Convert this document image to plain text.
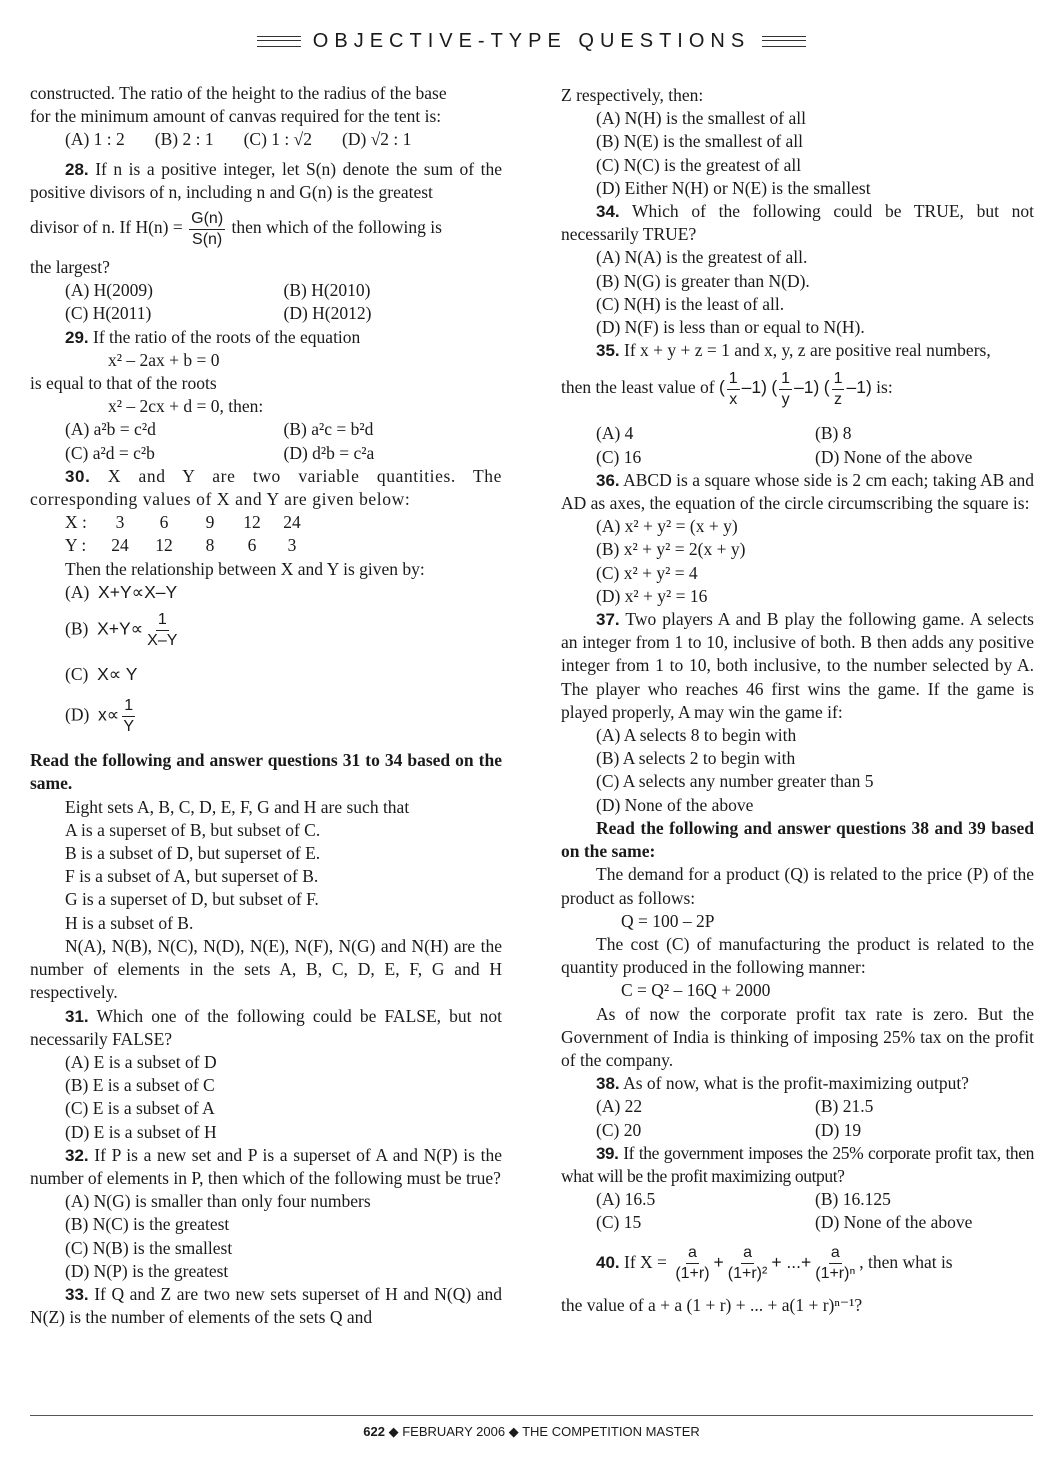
OBJECTIVE-TYPE QUESTIONS

constructed. The ratio of the height to the radius of the base
for the minimum amount of canvas required for the tent is:

(A) 1 : 2 (B) 2 : 1 (C) 1 : √2 (D) √2 : 1

28. If n is a positive integer, let S(n) denote the sum of the positive divisors of n, including n and G(n) is the greatest

divisor of n. If $H(n) = \frac{G(n)}{S(n)}$ then which of the following is

the largest?

(A) H(2009)	(B) H(2010)
(C) H(2011)	(D) H(2012)

29. If the ratio of the roots of the equation

x² – 2ax + b = 0

is equal to that of the roots

x² – 2cx + d = 0, then:

(A) a²b = c²d	(B) a²c = b²d
(C) a²d = c²b	(D) d²b = c²a

30. X and Y are two variable quantities. The corresponding values of X and Y are given below:

X :	3	6	9	12	24
Y :	24	12	8	6	3

Then the relationship between X and Y is given by:

(A) X+Y∝X–Y

(B) $X+Y\propto \frac{1}{X-Y}$

(C) X∝ Y

(D) $x\propto \frac{1}{Y}$

Read the following and answer questions 31 to 34 based on the same.

Eight sets A, B, C, D, E, F, G and H are such that

A is a superset of B, but subset of C.

B is a subset of D, but superset of E.

F is a subset of A, but superset of B.

G is a superset of D, but subset of F.

H is a subset of B.

N(A), N(B), N(C), N(D), N(E), N(F), N(G) and N(H) are the number of elements in the sets A, B, C, D, E, F, G and H respectively.

31. Which one of the following could be FALSE, but not necessarily FALSE?

(A) E is a subset of D

(B) E is a subset of C

(C) E is a subset of A

(D) E is a subset of H

32. If P is a new set and P is a superset of A and N(P) is the number of elements in P, then which of the following must be true?

(A) N(G) is smaller than only four numbers

(B) N(C) is the greatest

(C) N(B) is the smallest

(D) N(P) is the greatest

33. If Q and Z are two new sets superset of H and N(Q) and N(Z) is the number of elements of the sets Q and

Z respectively, then:

(A) N(H) is the smallest of all

(B) N(E) is the smallest of all

(C) N(C) is the greatest of all

(D) Either N(H) or N(E) is the smallest

34. Which of the following could be TRUE, but not necessarily TRUE?

(A) N(A) is the greatest of all.

(B) N(G) is greater than N(D).

(C) N(H) is the least of all.

(D) N(F) is less than or equal to N(H).

35. If x + y + z = 1 and x, y, z are positive real numbers,

then the least value of ( $\frac{1}{x} -1$) ( $\frac{1}{y} -1$) ( $\frac{1}{z} -1$) is:

(A) 4	(B) 8
(C) 16	(D) None of the above

36. ABCD is a square whose side is 2 cm each; taking AB and AD as axes, the equation of the circle circumscribing the square is:

(A) x² + y² = (x + y)

(B) x² + y² = 2(x + y)

(C) x² + y² = 4

(D) x² + y² = 16

37. Two players A and B play the following game. A selects an integer from 1 to 10, inclusive of both. B then adds any positive integer from 1 to 10, both inclusive, to the number selected by A. The player who reaches 46 first wins the game. If the game is played properly, A may win the game if:

(A) A selects 8 to begin with

(B) A selects 2 to begin with

(C) A selects any number greater than 5

(D) None of the above

Read the following and answer questions 38 and 39 based on the same:

The demand for a product (Q) is related to the price (P) of the product as follows:

Q = 100 – 2P

The cost (C) of manufacturing the product is related to the quantity produced in the following manner:

C = Q² – 16Q + 2000

As of now the corporate profit tax rate is zero. But the Government of India is thinking of imposing 25% tax on the profit of the company.

38. As of now, what is the profit-maximizing output?

(A) 22	(B) 21.5
(C) 20	(D) 19

39. If the government imposes the 25% corporate profit tax, then what will be the profit maximizing output?

(A) 16.5	(B) 16.125
(C) 15	(D) None of the above

40. If $X = \frac{a}{(1+r)} + \frac{a}{\text{(1+r)²}}$ + ...+ $\frac{a}{\text{(1+r)ⁿ}}$ , then what is

the value of a + a (1 + r) + ... + a(1 + r)ⁿ⁻¹?

622 ◆ FEBRUARY 2006 ◆ THE COMPETITION MASTER
